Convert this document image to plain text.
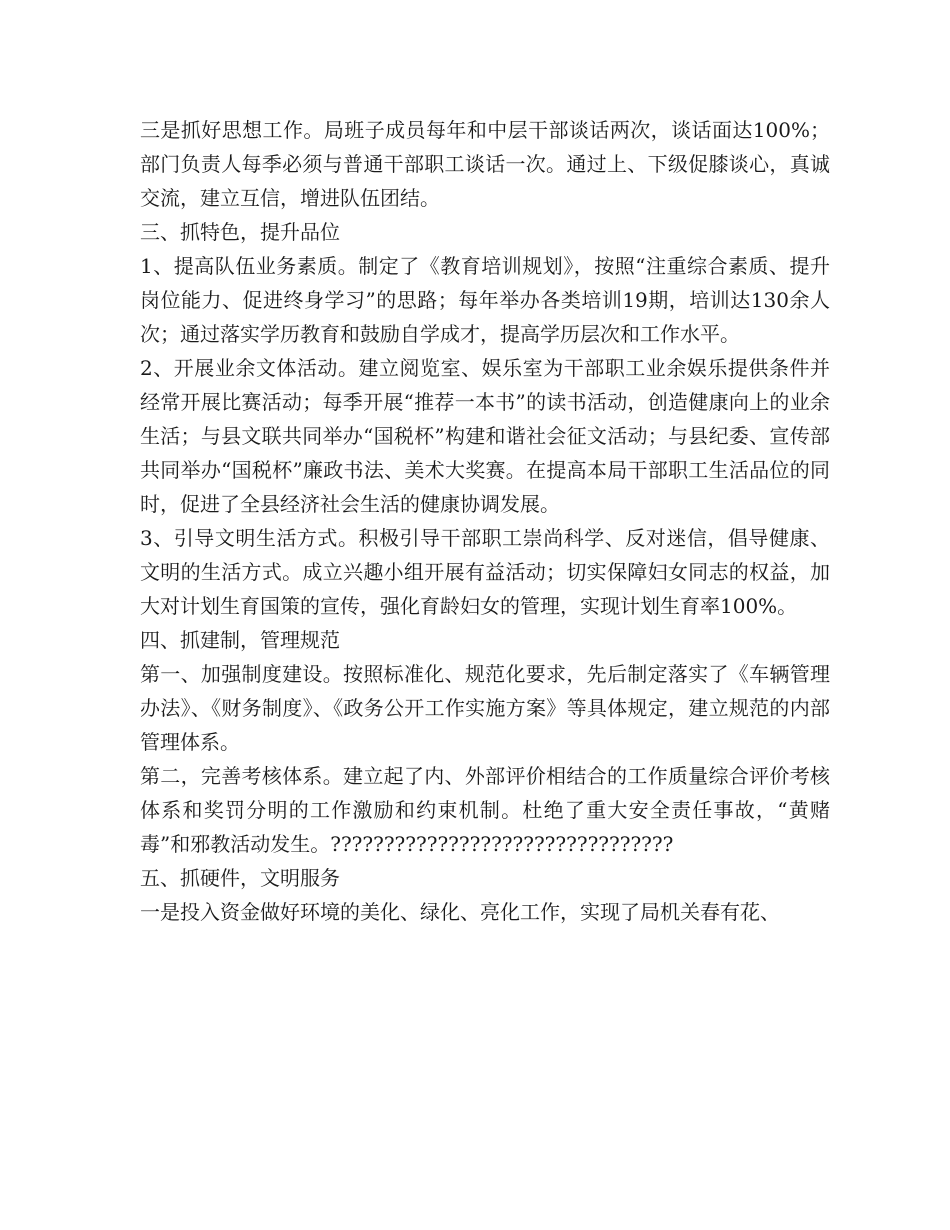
三是抓好思想工作。局班子成员每年和中层干部谈话两次，谈话面达100%；部门负责人每季必须与普通干部职工谈话一次。通过上、下级促膝谈心，真诚交流，建立互信，增进队伍团结。

三、抓特色，提升品位

1、提高队伍业务素质。制定了《教育培训规划》，按照“注重综合素质、提升岗位能力、促进终身学习”的思路；每年举办各类培训19期，培训达130余人次；通过落实学历教育和鼓励自学成才，提高学历层次和工作水平。

2、开展业余文体活动。建立阅览室、娱乐室为干部职工业余娱乐提供条件并经常开展比赛活动；每季开展“推荐一本书”的读书活动，创造健康向上的业余生活；与县文联共同举办“国税杯”构建和谐社会征文活动；与县纪委、宣传部共同举办“国税杯”廉政书法、美术大奖赛。在提高本局干部职工生活品位的同时，促进了全县经济社会生活的健康协调发展。

3、引导文明生活方式。积极引导干部职工崇尚科学、反对迷信，倡导健康、文明的生活方式。成立兴趣小组开展有益活动；切实保障妇女同志的权益，加大对计划生育国策的宣传，强化育龄妇女的管理，实现计划生育率100%。

四、抓建制，管理规范

第一、加强制度建设。按照标准化、规范化要求，先后制定落实了《车辆管理办法》、《财务制度》、《政务公开工作实施方案》等具体规定，建立规范的内部管理体系。

第二，完善考核体系。建立起了内、外部评价相结合的工作质量综合评价考核体系和奖罚分明的工作激励和约束机制。杜绝了重大安全责任事故，“黄赌毒”和邪教活动发生。????????????????????????????????

五、抓硬件，文明服务

一是投入资金做好环境的美化、绿化、亮化工作，实现了局机关春有花、
